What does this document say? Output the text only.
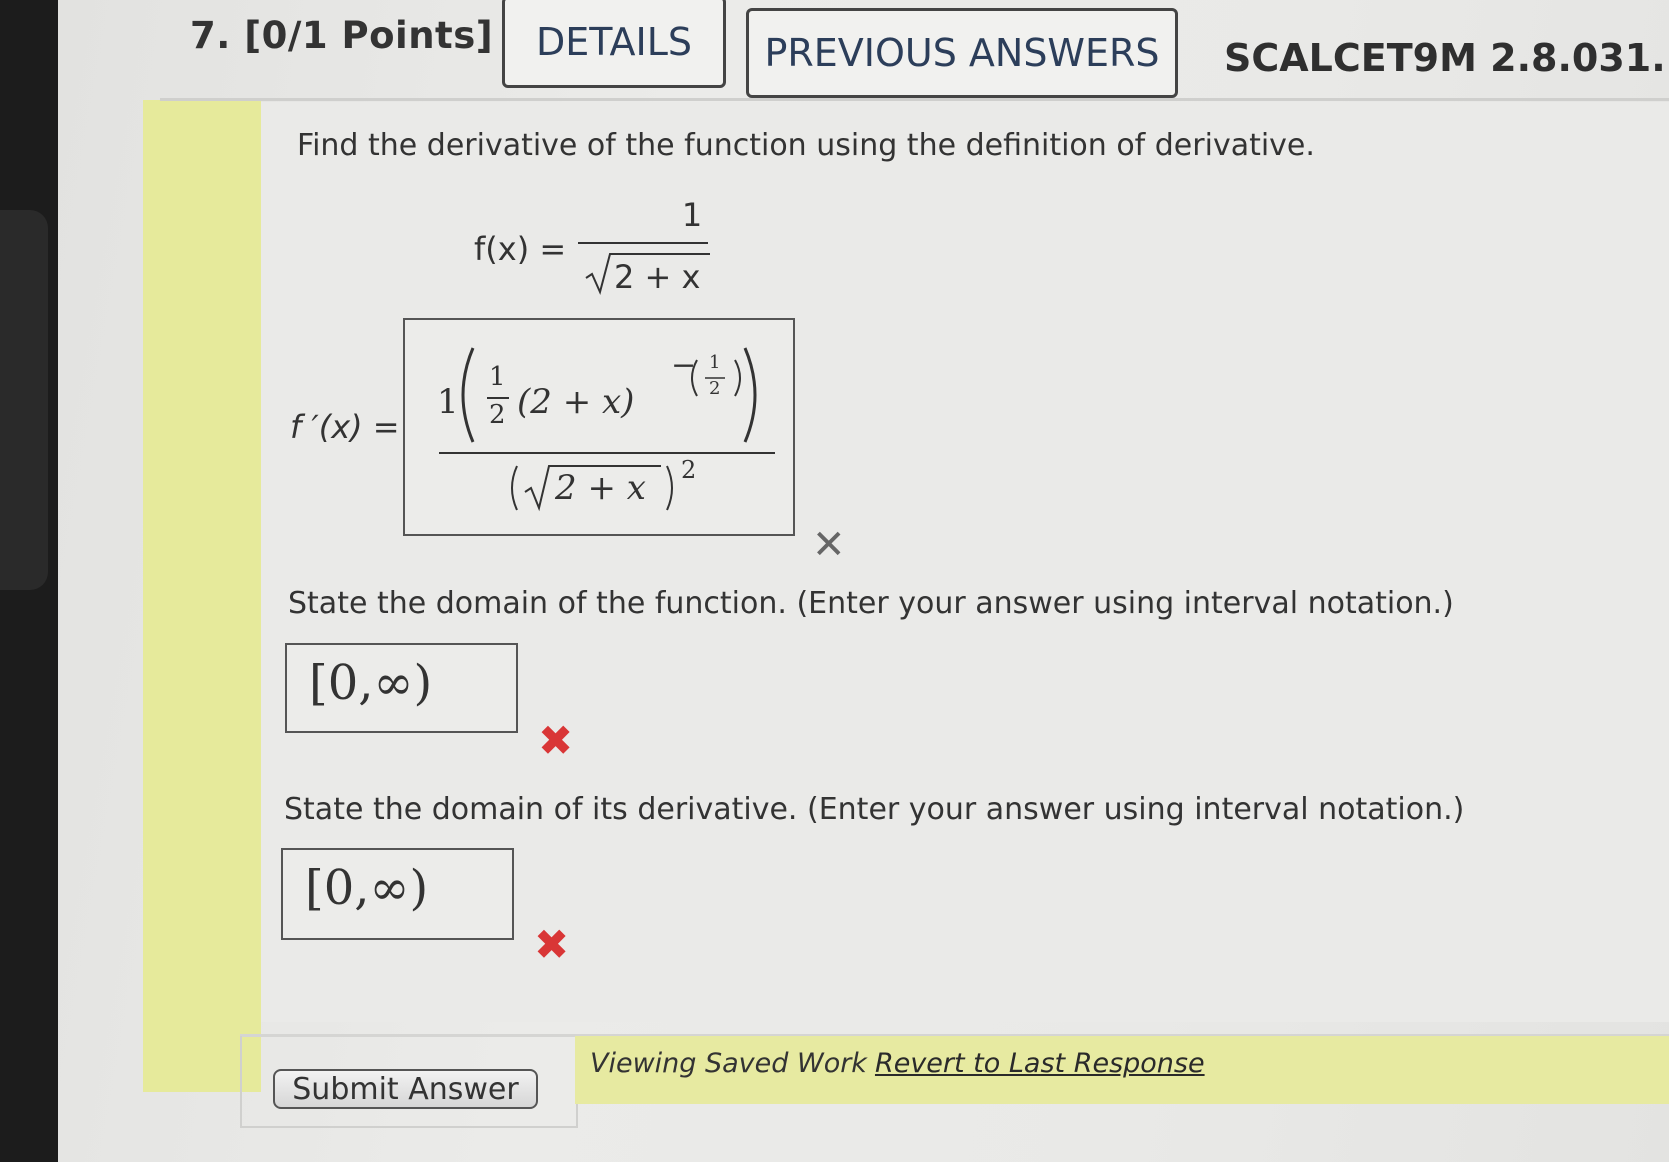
7. [0/1 Points]	DETAILS	PREVIOUS ANSWERS	SCALCET9M 2.8.031.
Find the derivative of the function using the definition of derivative.
f(x) =
1
2 + x
f ′(x) =
1
1
2 (2 + x)
− 1
2
2 + x 2
✕
State the domain of the function. (Enter your answer using interval notation.)
[0,∞)
✖
State the domain of its derivative. (Enter your answer using interval notation.)
[0,∞)
✖
Viewing Saved Work Revert to Last Response
Submit Answer
